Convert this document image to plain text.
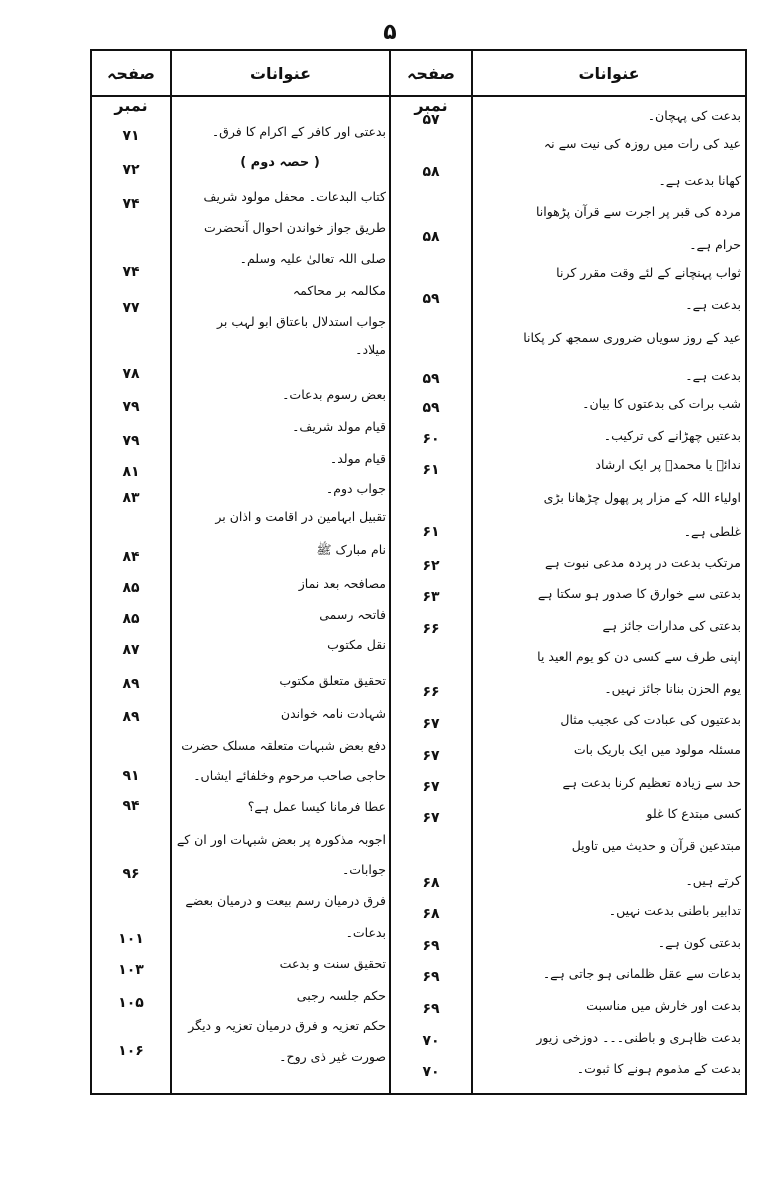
۵
صفحہ نمبر
عنوانات	صفحہ نمبر
عنوانات
بدعت کی پہچان۔
عید کی رات میں روزہ کی نیت سے نہ
کھانا بدعت ہے۔
مردہ کی قبر پر اجرت سے قرآن پڑھوانا
حرام ہے۔
ثواب پہنچانے کے لئے وقت مقرر کرنا
بدعت ہے۔
عید کے روز سویاں ضروری سمجھ کر پکانا
بدعت ہے۔
شب برات کی بدعتوں کا بیان۔
بدعتیں چھڑانے کی ترکیب۔
ندائے یا محمدؐ پر ایک ارشاد
اولیاء اللہ کے مزار پر پھول چڑھانا بڑی
غلطی ہے۔
مرتکب بدعت در پردہ مدعی نبوت ہے
بدعتی سے خوارق کا صدور ہو سکتا ہے
بدعتی کی مدارات جائز ہے
اپنی طرف سے کسی دن کو یوم العید یا
یوم الحزن بنانا جائز نہیں۔
بدعتیوں کی عبادت کی عجیب مثال
مسئلہ مولود میں ایک باریک بات
حد سے زیادہ تعظیم کرنا بدعت ہے
کسی مبتدع کا غلو
مبتدعین قرآن و حدیث میں تاویل
کرتے ہیں۔
تدابیر باطنی بدعت نہیں۔
بدعتی کون ہے۔
بدعات سے عقل ظلمانی ہو جاتی ہے۔
بدعت اور خارش میں مناسبت
بدعت ظاہری و باطنی۔۔۔ دوزخی زیور
بدعت کے مذموم ہونے کا ثبوت۔
۵۷
۵۸
۵۸
۵۹
۵۹
۵۹
۶۰
۶۱
۶۱
۶۲
۶۳
۶۶
۶۶
۶۷
۶۷
۶۷
۶۷
۶۸
۶۸
۶۹
۶۹
۶۹
۷۰
۷۰
بدعتی اور کافر کے اکرام کا فرق۔
( حصہ دوم )
کتاب البدعات۔ محفل مولود شریف
طریق جواز خواندن احوال آنحضرت
صلی اللہ تعالیٰ علیہ وسلم۔
مکالمہ بر محاکمہ
جواب استدلال باعتاق ابو لہب بر
میلاد۔
بعض رسوم بدعات۔
قیام مولد شریف۔
قیام مولد۔
جواب دوم۔
تقبیل ابہامین در اقامت و اذان بر
نام مبارک ﷺ
مصافحہ بعد نماز
فاتحہ رسمی
نقل مکتوب
تحقیق متعلق مکتوب
شہادت نامہ خواندن
دفع بعض شبہات متعلقہ مسلک حضرت
حاجی صاحب مرحوم وخلفائے ایشاں۔
عطا فرمانا کیسا عمل ہے؟
اجوبہ مذکورہ پر بعض شبہات اور ان کے
جوابات۔
فرق درمیان رسم بیعت و درمیان بعضے
بدعات۔
تحقیق سنت و بدعت
حکم جلسہ رجبی
حکم تعزیہ و فرق درمیان تعزیہ و دیگر
صورت غیر ذی روح۔
۷۱
۷۲
۷۴
۷۴
۷۷
۷۸
۷۹
۷۹
۸۱
۸۳
۸۴
۸۵
۸۵
۸۷
۸۹
۸۹
۹۱
۹۴
۹۶
۱۰۱
۱۰۳
۱۰۵
۱۰۶
